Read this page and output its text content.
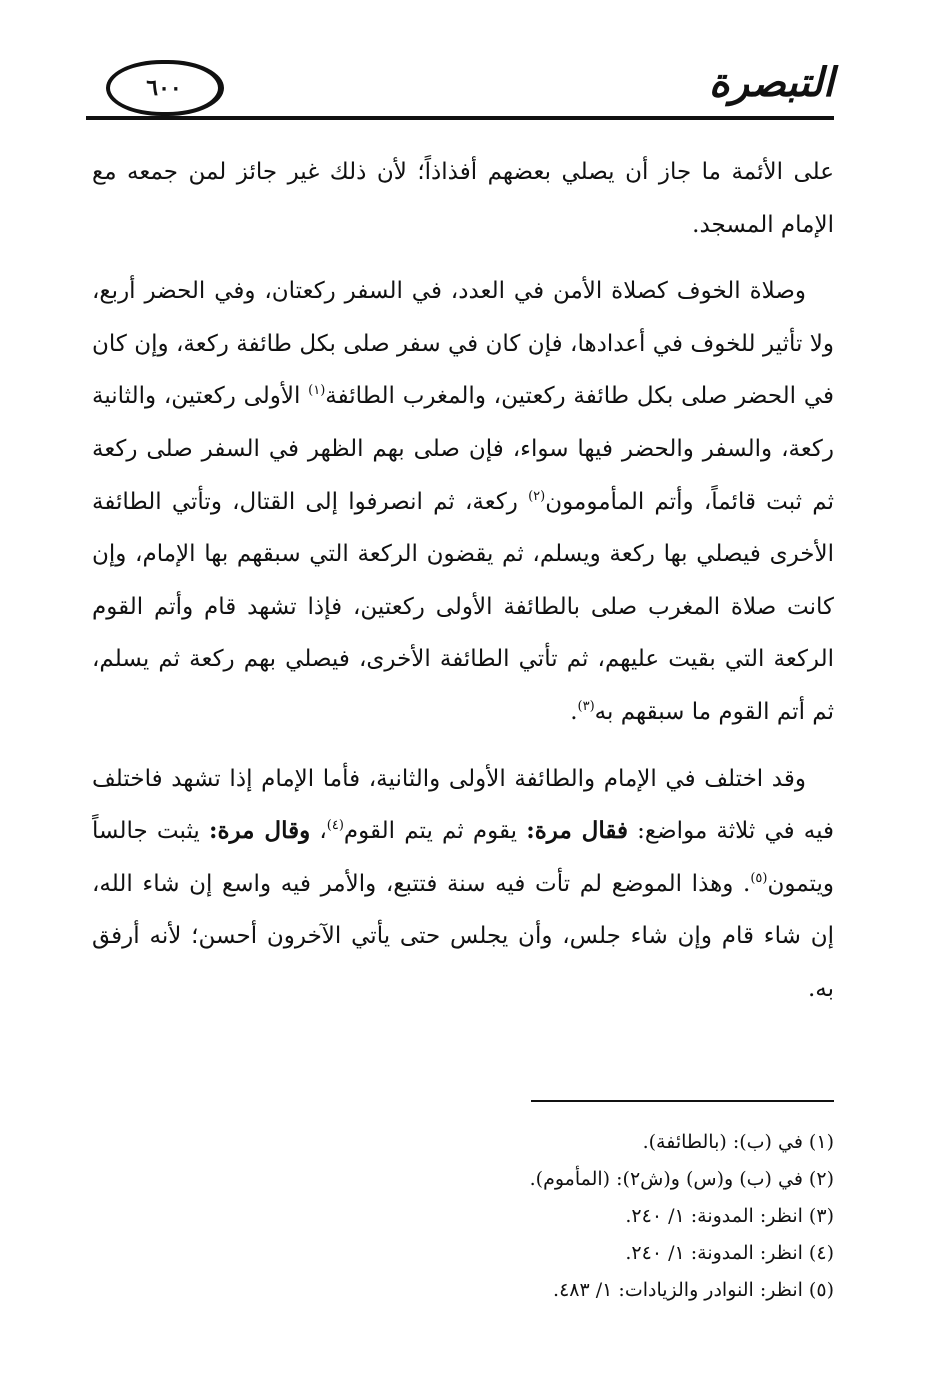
٦٠٠	التبصرة

على الأئمة ما جاز أن يصلي بعضهم أفذاذاً؛ لأن ذلك غير جائز لمن جمعه مع الإمام المسجد.

وصلاة الخوف كصلاة الأمن في العدد، في السفر ركعتان، وفي الحضر أربع، ولا تأثير للخوف في أعدادها، فإن كان في سفر صلى بكل طائفة ركعة، وإن كان في الحضر صلى بكل طائفة ركعتين، والمغرب الطائفة$^{(١)}$ الأولى ركعتين، والثانية ركعة، والسفر والحضر فيها سواء، فإن صلى بهم الظهر في السفر صلى ركعة ثم ثبت قائماً، وأتم المأمومون$^{(٢)}$ ركعة، ثم انصرفوا إلى القتال، وتأتي الطائفة الأخرى فيصلي بها ركعة ويسلم، ثم يقضون الركعة التي سبقهم بها الإمام، وإن كانت صلاة المغرب صلى بالطائفة الأولى ركعتين، فإذا تشهد قام وأتم القوم الركعة التي بقيت عليهم، ثم تأتي الطائفة الأخرى، فيصلي بهم ركعة ثم يسلم، ثم أتم القوم ما سبقهم به$^{(٣)}$.

وقد اختلف في الإمام والطائفة الأولى والثانية، فأما الإمام إذا تشهد فاختلف فيه في ثلاثة مواضع: فقال مرة: يقوم ثم يتم القوم$^{(٤)}$، وقال مرة: يثبت جالساً ويتمون$^{(٥)}$. وهذا الموضع لم تأت فيه سنة فتتبع، والأمر فيه واسع إن شاء الله، إن شاء قام وإن شاء جلس، وأن يجلس حتى يأتي الآخرون أحسن؛ لأنه أرفق به.

(١) في (ب): (بالطائفة).
(٢) في (ب) و(س) و(ش٢): (المأموم).
(٣) انظر: المدونة: ١/ ٢٤٠.
(٤) انظر: المدونة: ١/ ٢٤٠.
(٥) انظر: النوادر والزيادات: ١/ ٤٨٣.
